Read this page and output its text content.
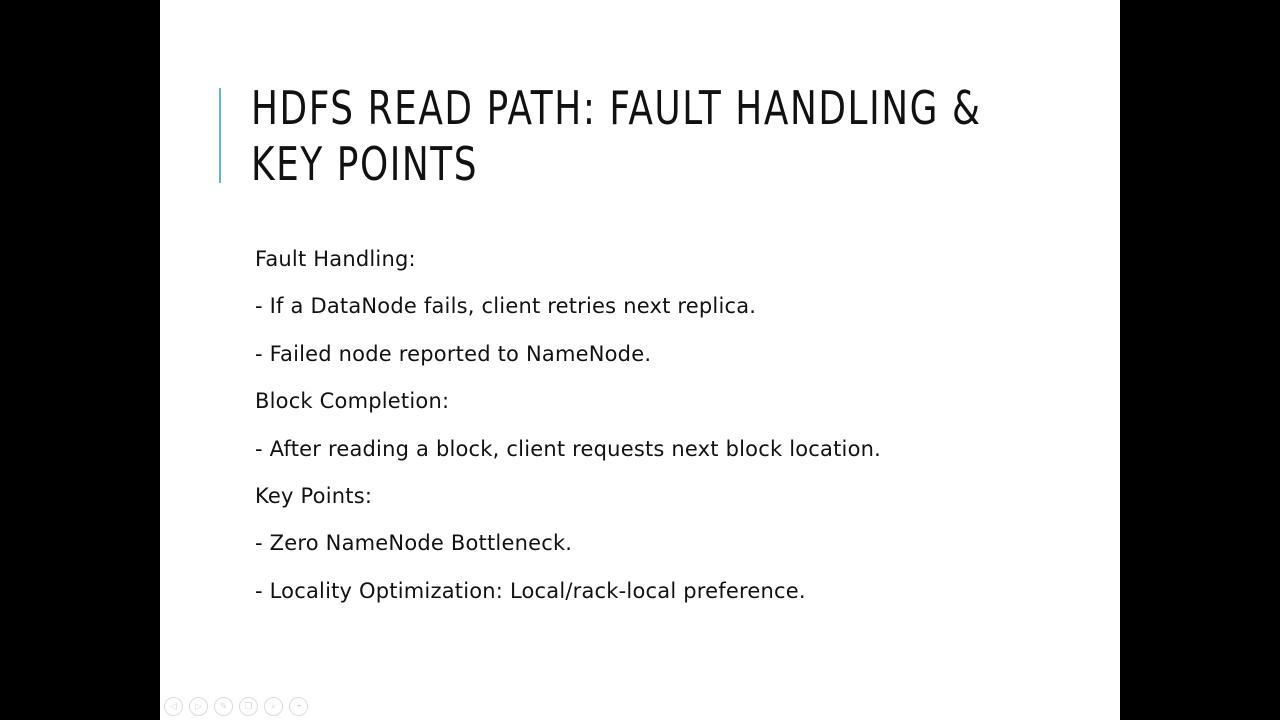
HDFS READ PATH: FAULT HANDLING &
KEY POINTS
Fault Handling:
- If a DataNode fails, client retries next replica.
- Failed node reported to NameNode.
Block Completion:
- After reading a block, client requests next block location.
Key Points:
- Zero NameNode Bottleneck.
- Locality Optimization: Local/rack-local preference.
◁ ▷ ✎ ❐ ⌕	•••
